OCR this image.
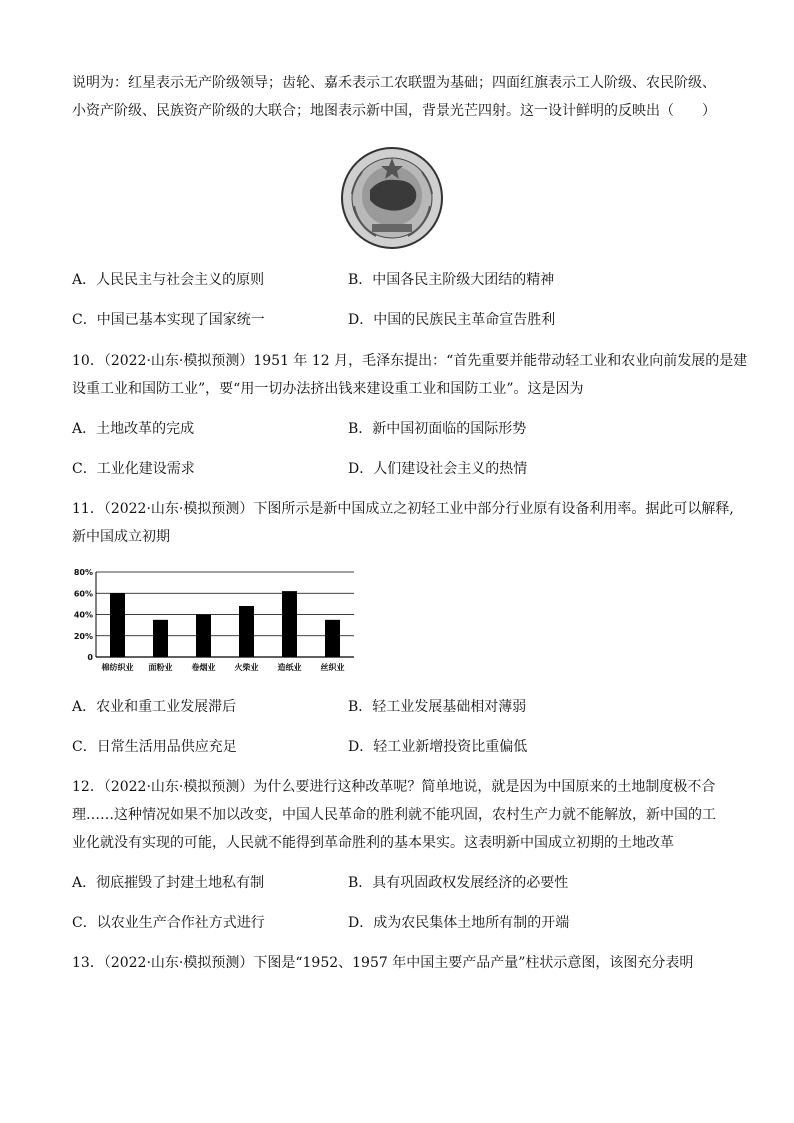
说明为：红星表示无产阶级领导；齿轮、嘉禾表示工农联盟为基础；四面红旗表示工人阶级、农民阶级、
小资产阶级、民族资产阶级的大联合；地图表示新中国，背景光芒四射。这一设计鲜明的反映出（　　）
A．人民民主与社会主义的原则	B．中国各民主阶级大团结的精神
C．中国已基本实现了国家统一	D．中国的民族民主革命宣告胜利
10．（2022·山东·模拟预测）1951 年 12 月，毛泽东提出：“首先重要并能带动轻工业和农业向前发展的是建
设重工业和国防工业”，要“用一切办法挤出钱来建设重工业和国防工业”。这是因为
A．土地改革的完成	B．新中国初面临的国际形势
C．工业化建设需求	D．人们建设社会主义的热情
11．（2022·山东·模拟预测）下图所示是新中国成立之初轻工业中部分行业原有设备利用率。据此可以解释,
新中国成立初期
0
20%
40%
60%
80%
棉纺织业 面粉业 卷烟业 火柴业 造纸业 丝织业
A．农业和重工业发展滞后	B．轻工业发展基础相对薄弱
C．日常生活用品供应充足	D．轻工业新增投资比重偏低
12．（2022·山东·模拟预测）为什么要进行这种改革呢？简单地说，就是因为中国原来的土地制度极不合
理……这种情况如果不加以改变，中国人民革命的胜利就不能巩固，农村生产力就不能解放，新中国的工
业化就没有实现的可能，人民就不能得到革命胜利的基本果实。这表明新中国成立初期的土地改革
A．彻底摧毁了封建土地私有制	B．具有巩固政权发展经济的必要性
C．以农业生产合作社方式进行	D．成为农民集体土地所有制的开端
13．（2022·山东·模拟预测）下图是“1952、1957 年中国主要产品产量”柱状示意图，该图充分表明
